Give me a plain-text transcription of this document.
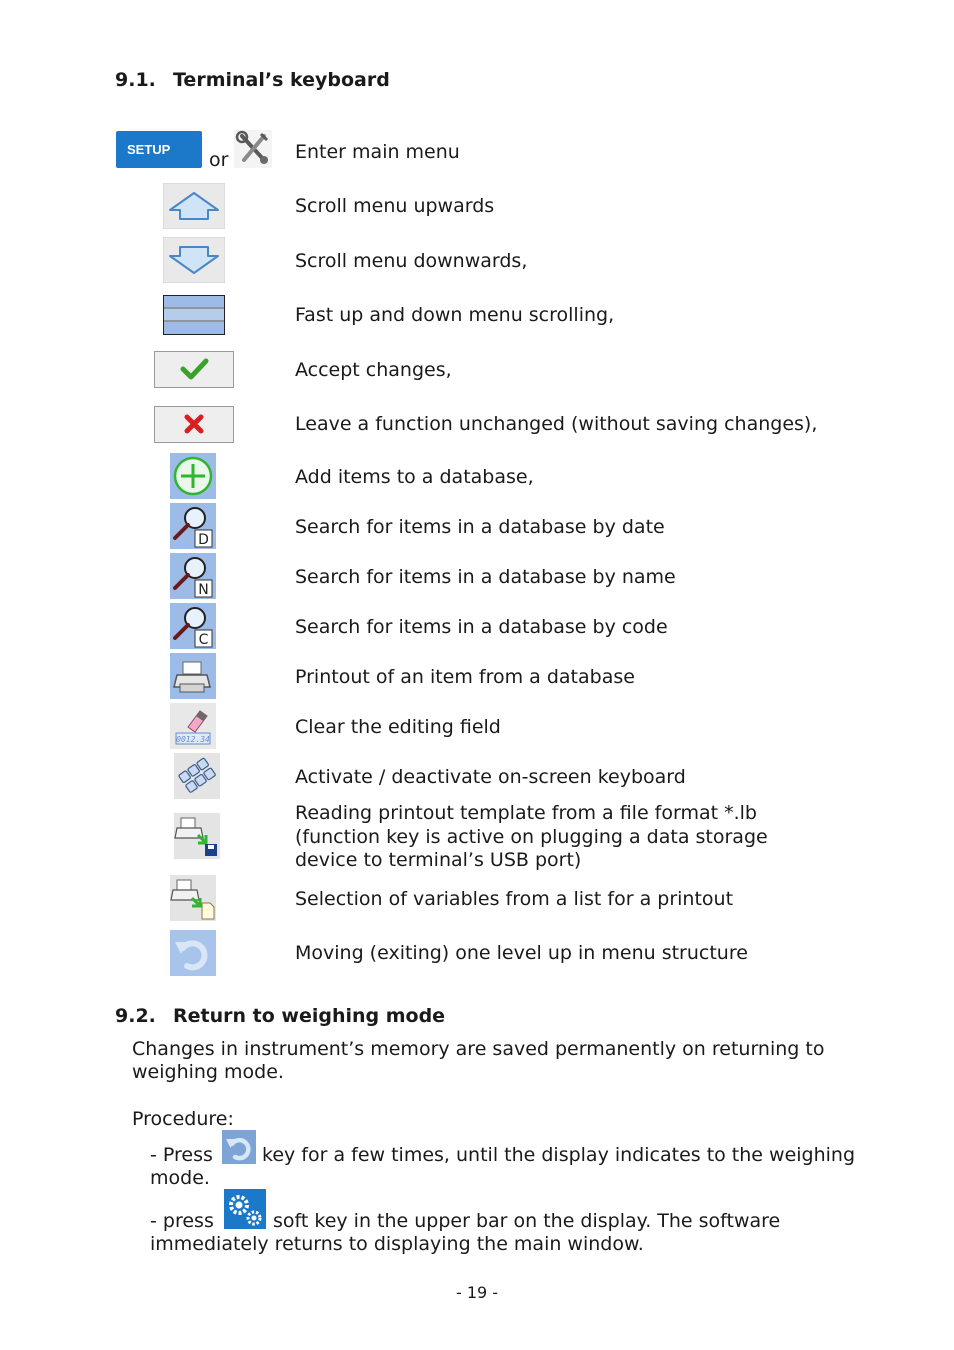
9.1. Terminal’s keyboard
SETUP or	Enter main menu
Scroll menu upwards
Scroll menu downwards,
Fast up and down menu scrolling,
Accept changes,
Leave a function unchanged (without saving changes),
Add items to a database,
D
Search for items in a database by date
N
Search for items in a database by name
C
Search for items in a database by code
Printout of an item from a database
0012.34
Clear the editing field
Activate / deactivate on-screen keyboard
Reading printout template from a file format *.lb
(function key is active on plugging a data storage
device to terminal’s USB port)
Selection of variables from a list for a printout
Moving (exiting) one level up in menu structure
9.2. Return to weighing mode
Changes in instrument’s memory are saved permanently on returning to
weighing mode.
Procedure:
- Press	key for a few times, until the display indicates to the weighing
mode.
- press	soft key in the upper bar on the display. The software
immediately returns to displaying the main window.
- 19 -
